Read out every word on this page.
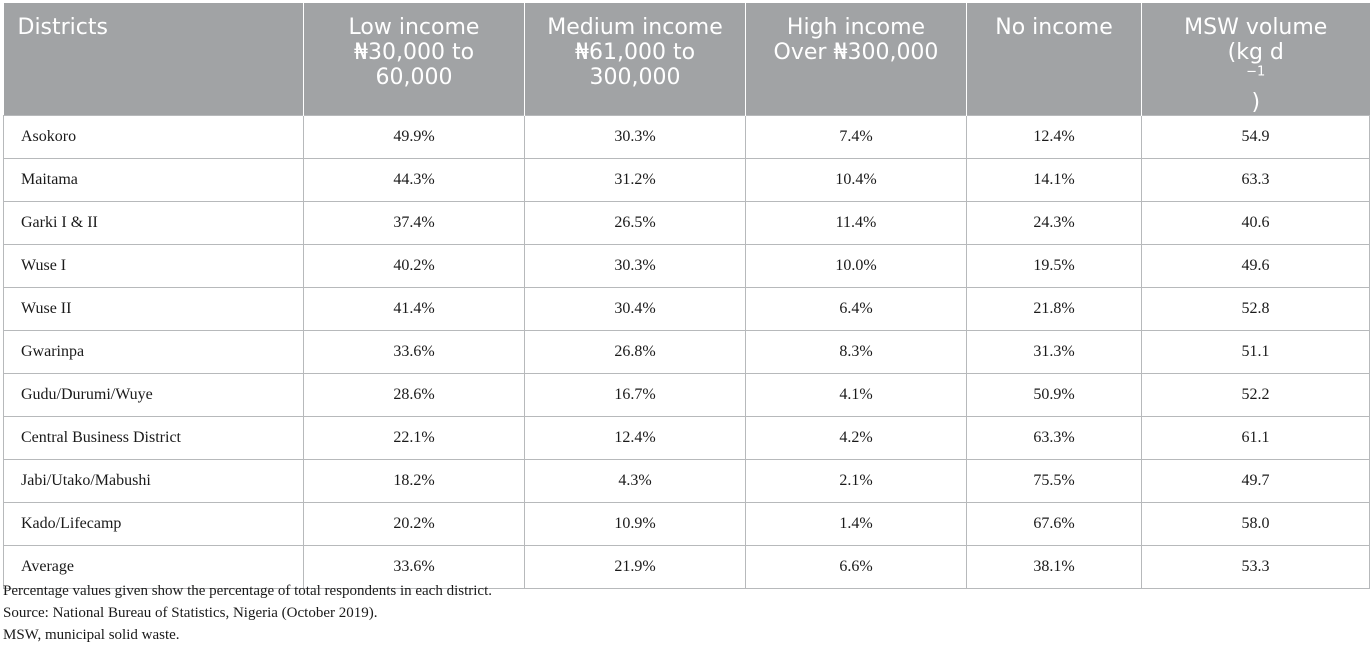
Districts	Low income
₦30,000 to
60,000	Medium income
₦61,000 to
300,000	High income
Over ₦300,000	No income	MSW volume
(kg d
$^{-1}$
)

Asokoro	49.9%	30.3%	7.4%	12.4%	54.9
Maitama	44.3%	31.2%	10.4%	14.1%	63.3
Garki I & II	37.4%	26.5%	11.4%	24.3%	40.6
Wuse I	40.2%	30.3%	10.0%	19.5%	49.6
Wuse II	41.4%	30.4%	6.4%	21.8%	52.8
Gwarinpa	33.6%	26.8%	8.3%	31.3%	51.1
Gudu/Durumi/Wuye	28.6%	16.7%	4.1%	50.9%	52.2
Central Business District	22.1%	12.4%	4.2%	63.3%	61.1
Jabi/Utako/Mabushi	18.2%	4.3%	2.1%	75.5%	49.7
Kado/Lifecamp	20.2%	10.9%	1.4%	67.6%	58.0
Average	33.6%	21.9%	6.6%	38.1%	53.3
Percentage values given show the percentage of total respondents in each district.
Source: National Bureau of Statistics, Nigeria (October 2019).
MSW, municipal solid waste.
